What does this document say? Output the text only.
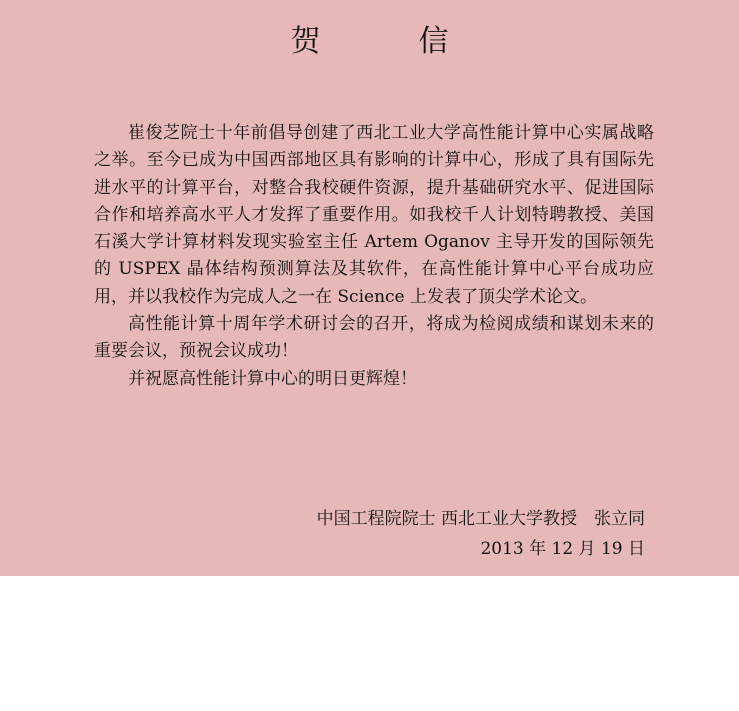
贺　信

崔俊芝院士十年前倡导创建了西北工业大学高性能计算中心实属战略之举。至今已成为中国西部地区具有影响的计算中心，形成了具有国际先进水平的计算平台，对整合我校硬件资源，提升基础研究水平、促进国际合作和培养高水平人才发挥了重要作用。如我校千人计划特聘教授、美国石溪大学计算材料发现实验室主任 Artem Oganov 主导开发的国际领先的 USPEX 晶体结构预测算法及其软件，在高性能计算中心平台成功应用，并以我校作为完成人之一在 Science 上发表了顶尖学术论文。

高性能计算十周年学术研讨会的召开，将成为检阅成绩和谋划未来的重要会议，预祝会议成功！

并祝愿高性能计算中心的明日更辉煌！

中国工程院院士 西北工业大学教授　张立同
2013 年 12 月 19 日
